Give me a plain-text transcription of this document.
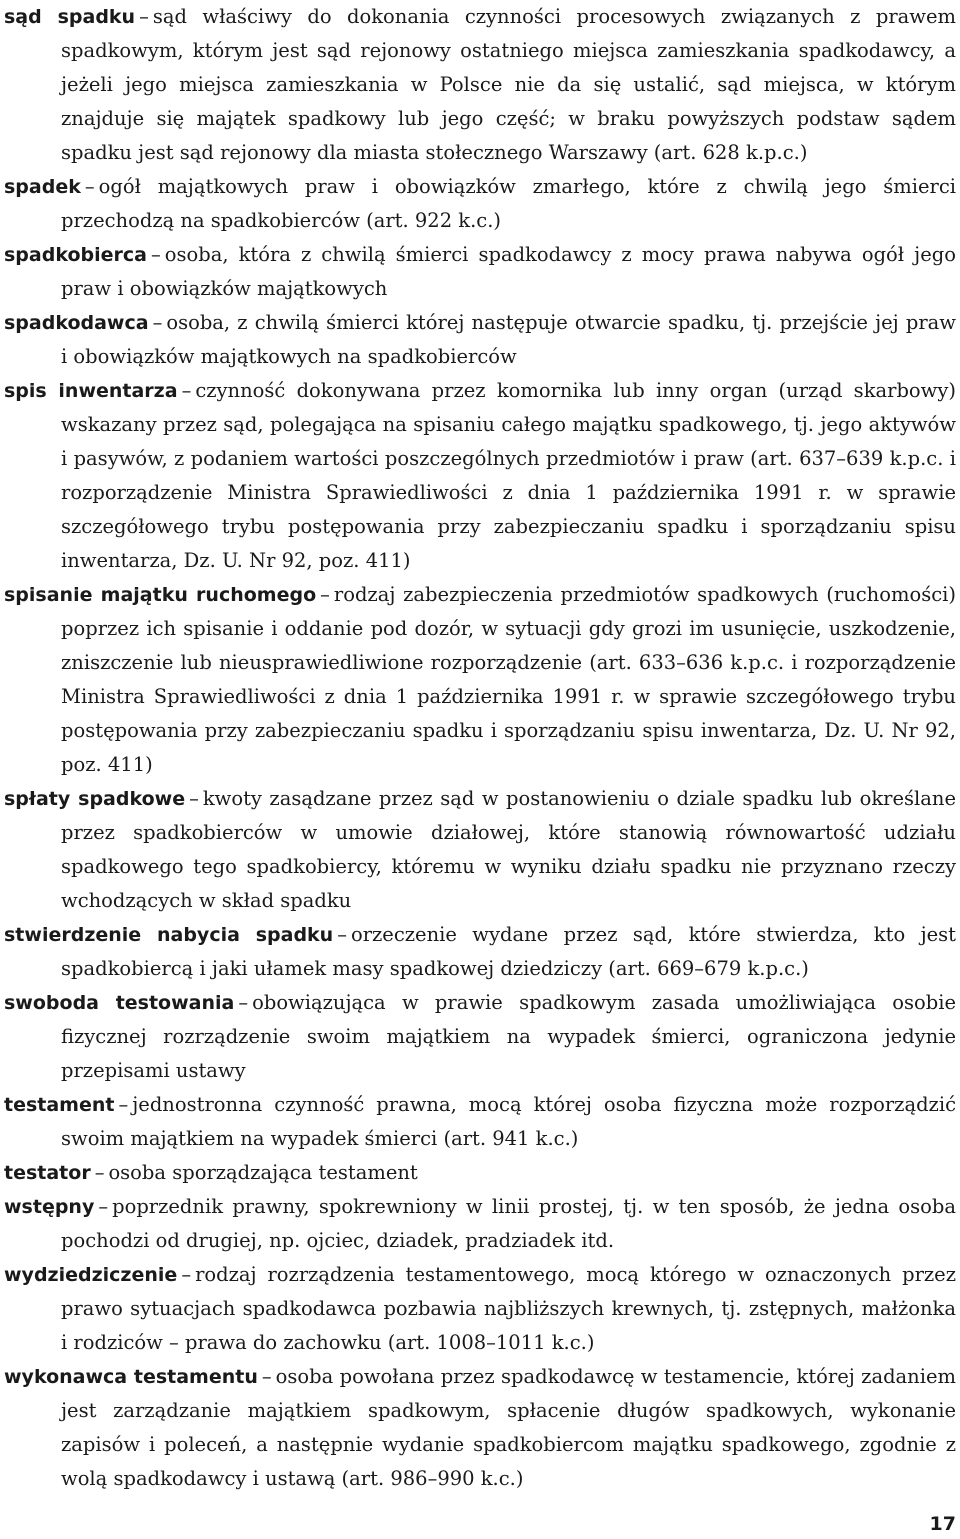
sąd spadku – sąd właściwy do dokonania czynności procesowych związanych z prawem spadkowym, którym jest sąd rejonowy ostatniego miejsca zamieszkania spadkodawcy, a jeżeli jego miejsca zamieszkania w Polsce nie da się ustalić, sąd miejsca, w którym znajduje się majątek spadkowy lub jego część; w braku powyższych podstaw sądem spadku jest sąd rejonowy dla miasta stołecznego Warszawy (art. 628 k.p.c.)

spadek – ogół majątkowych praw i obowiązków zmarłego, które z chwilą jego śmierci przechodzą na spadkobierców (art. 922 k.c.)

spadkobierca – osoba, która z chwilą śmierci spadkodawcy z mocy prawa nabywa ogół jego praw i obowiązków majątkowych

spadkodawca – osoba, z chwilą śmierci której następuje otwarcie spadku, tj. przejście jej praw i obowiązków majątkowych na spadkobierców

spis inwentarza – czynność dokonywana przez komornika lub inny organ (urząd skarbowy) wskazany przez sąd, polegająca na spisaniu całego majątku spadkowego, tj. jego aktywów i pasywów, z podaniem wartości poszczególnych przedmiotów i praw (art. 637–639 k.p.c. i rozporządzenie Ministra Sprawiedliwości z dnia 1 października 1991 r. w sprawie szczegółowego trybu postępowania przy zabezpieczaniu spadku i sporządzaniu spisu inwentarza, Dz. U. Nr 92, poz. 411)

spisanie majątku ruchomego – rodzaj zabezpieczenia przedmiotów spadkowych (ruchomości) poprzez ich spisanie i oddanie pod dozór, w sytuacji gdy grozi im usunięcie, uszkodzenie, zniszczenie lub nieusprawiedliwione rozporządzenie (art. 633–636 k.p.c. i rozporządzenie Ministra Sprawiedliwości z dnia 1 października 1991 r. w sprawie szczegółowego trybu postępowania przy zabezpieczaniu spadku i sporządzaniu spisu inwentarza, Dz. U. Nr 92, poz. 411)

spłaty spadkowe – kwoty zasądzane przez sąd w postanowieniu o dziale spadku lub określane przez spadkobierców w umowie działowej, które stanowią równowartość udziału spadkowego tego spadkobiercy, któremu w wyniku działu spadku nie przyznano rzeczy wchodzących w skład spadku

stwierdzenie nabycia spadku – orzeczenie wydane przez sąd, które stwierdza, kto jest spadkobiercą i jaki ułamek masy spadkowej dziedziczy (art. 669–679 k.p.c.)

swoboda testowania – obowiązująca w prawie spadkowym zasada umożliwiająca osobie fizycznej rozrządzenie swoim majątkiem na wypadek śmierci, ograniczona jedynie przepisami ustawy

testament – jednostronna czynność prawna, mocą której osoba fizyczna może rozporządzić swoim majątkiem na wypadek śmierci (art. 941 k.c.)

testator – osoba sporządzająca testament

wstępny – poprzednik prawny, spokrewniony w linii prostej, tj. w ten sposób, że jedna osoba pochodzi od drugiej, np. ojciec, dziadek, pradziadek itd.

wydziedziczenie – rodzaj rozrządzenia testamentowego, mocą którego w oznaczonych przez prawo sytuacjach spadkodawca pozbawia najbliższych krewnych, tj. zstępnych, małżonka i rodziców – prawa do zachowku (art. 1008–1011 k.c.)

wykonawca testamentu – osoba powołana przez spadkodawcę w testamencie, której zadaniem jest zarządzanie majątkiem spadkowym, spłacenie długów spadkowych, wykonanie zapisów i poleceń, a następnie wydanie spadkobiercom majątku spadkowego, zgodnie z wolą spadkodawcy i ustawą (art. 986–990 k.c.)

17
